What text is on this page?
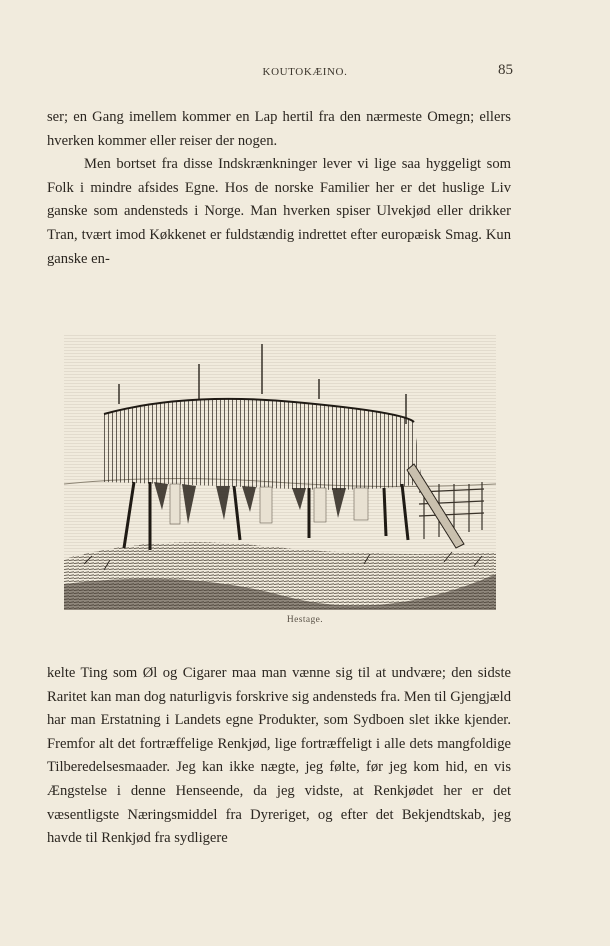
KOUTOKÆINO.	85

ser; en Gang imellem kommer en Lap hertil fra den nærmeste Omegn; ellers hverken kommer eller reiser der nogen.

Men bortset fra disse Indskrænkninger lever vi lige saa hyggeligt som Folk i mindre afsides Egne. Hos de norske Familier her er det huslige Liv ganske som andensteds i Norge. Man hverken spiser Ulvekjød eller drikker Tran, tvært imod Køkkenet er fuldstændig indrettet efter europæisk Smag. Kun ganske en-

Hestage.

kelte Ting som Øl og Cigarer maa man vænne sig til at undvære; den sidste Raritet kan man dog naturligvis forskrive sig andensteds fra. Men til Gjengjæld har man Erstatning i Landets egne Produkter, som Sydboen slet ikke kjender. Fremfor alt det fortræffelige Renkjød, lige fortræffeligt i alle dets mangfoldige Tilberedelsesmaader. Jeg kan ikke nægte, jeg følte, før jeg kom hid, en vis Ængstelse i denne Henseende, da jeg vidste, at Renkjødet her er det væsentligste Næringsmiddel fra Dyreriget, og efter det Bekjendtskab, jeg havde til Renkjød fra sydligere
